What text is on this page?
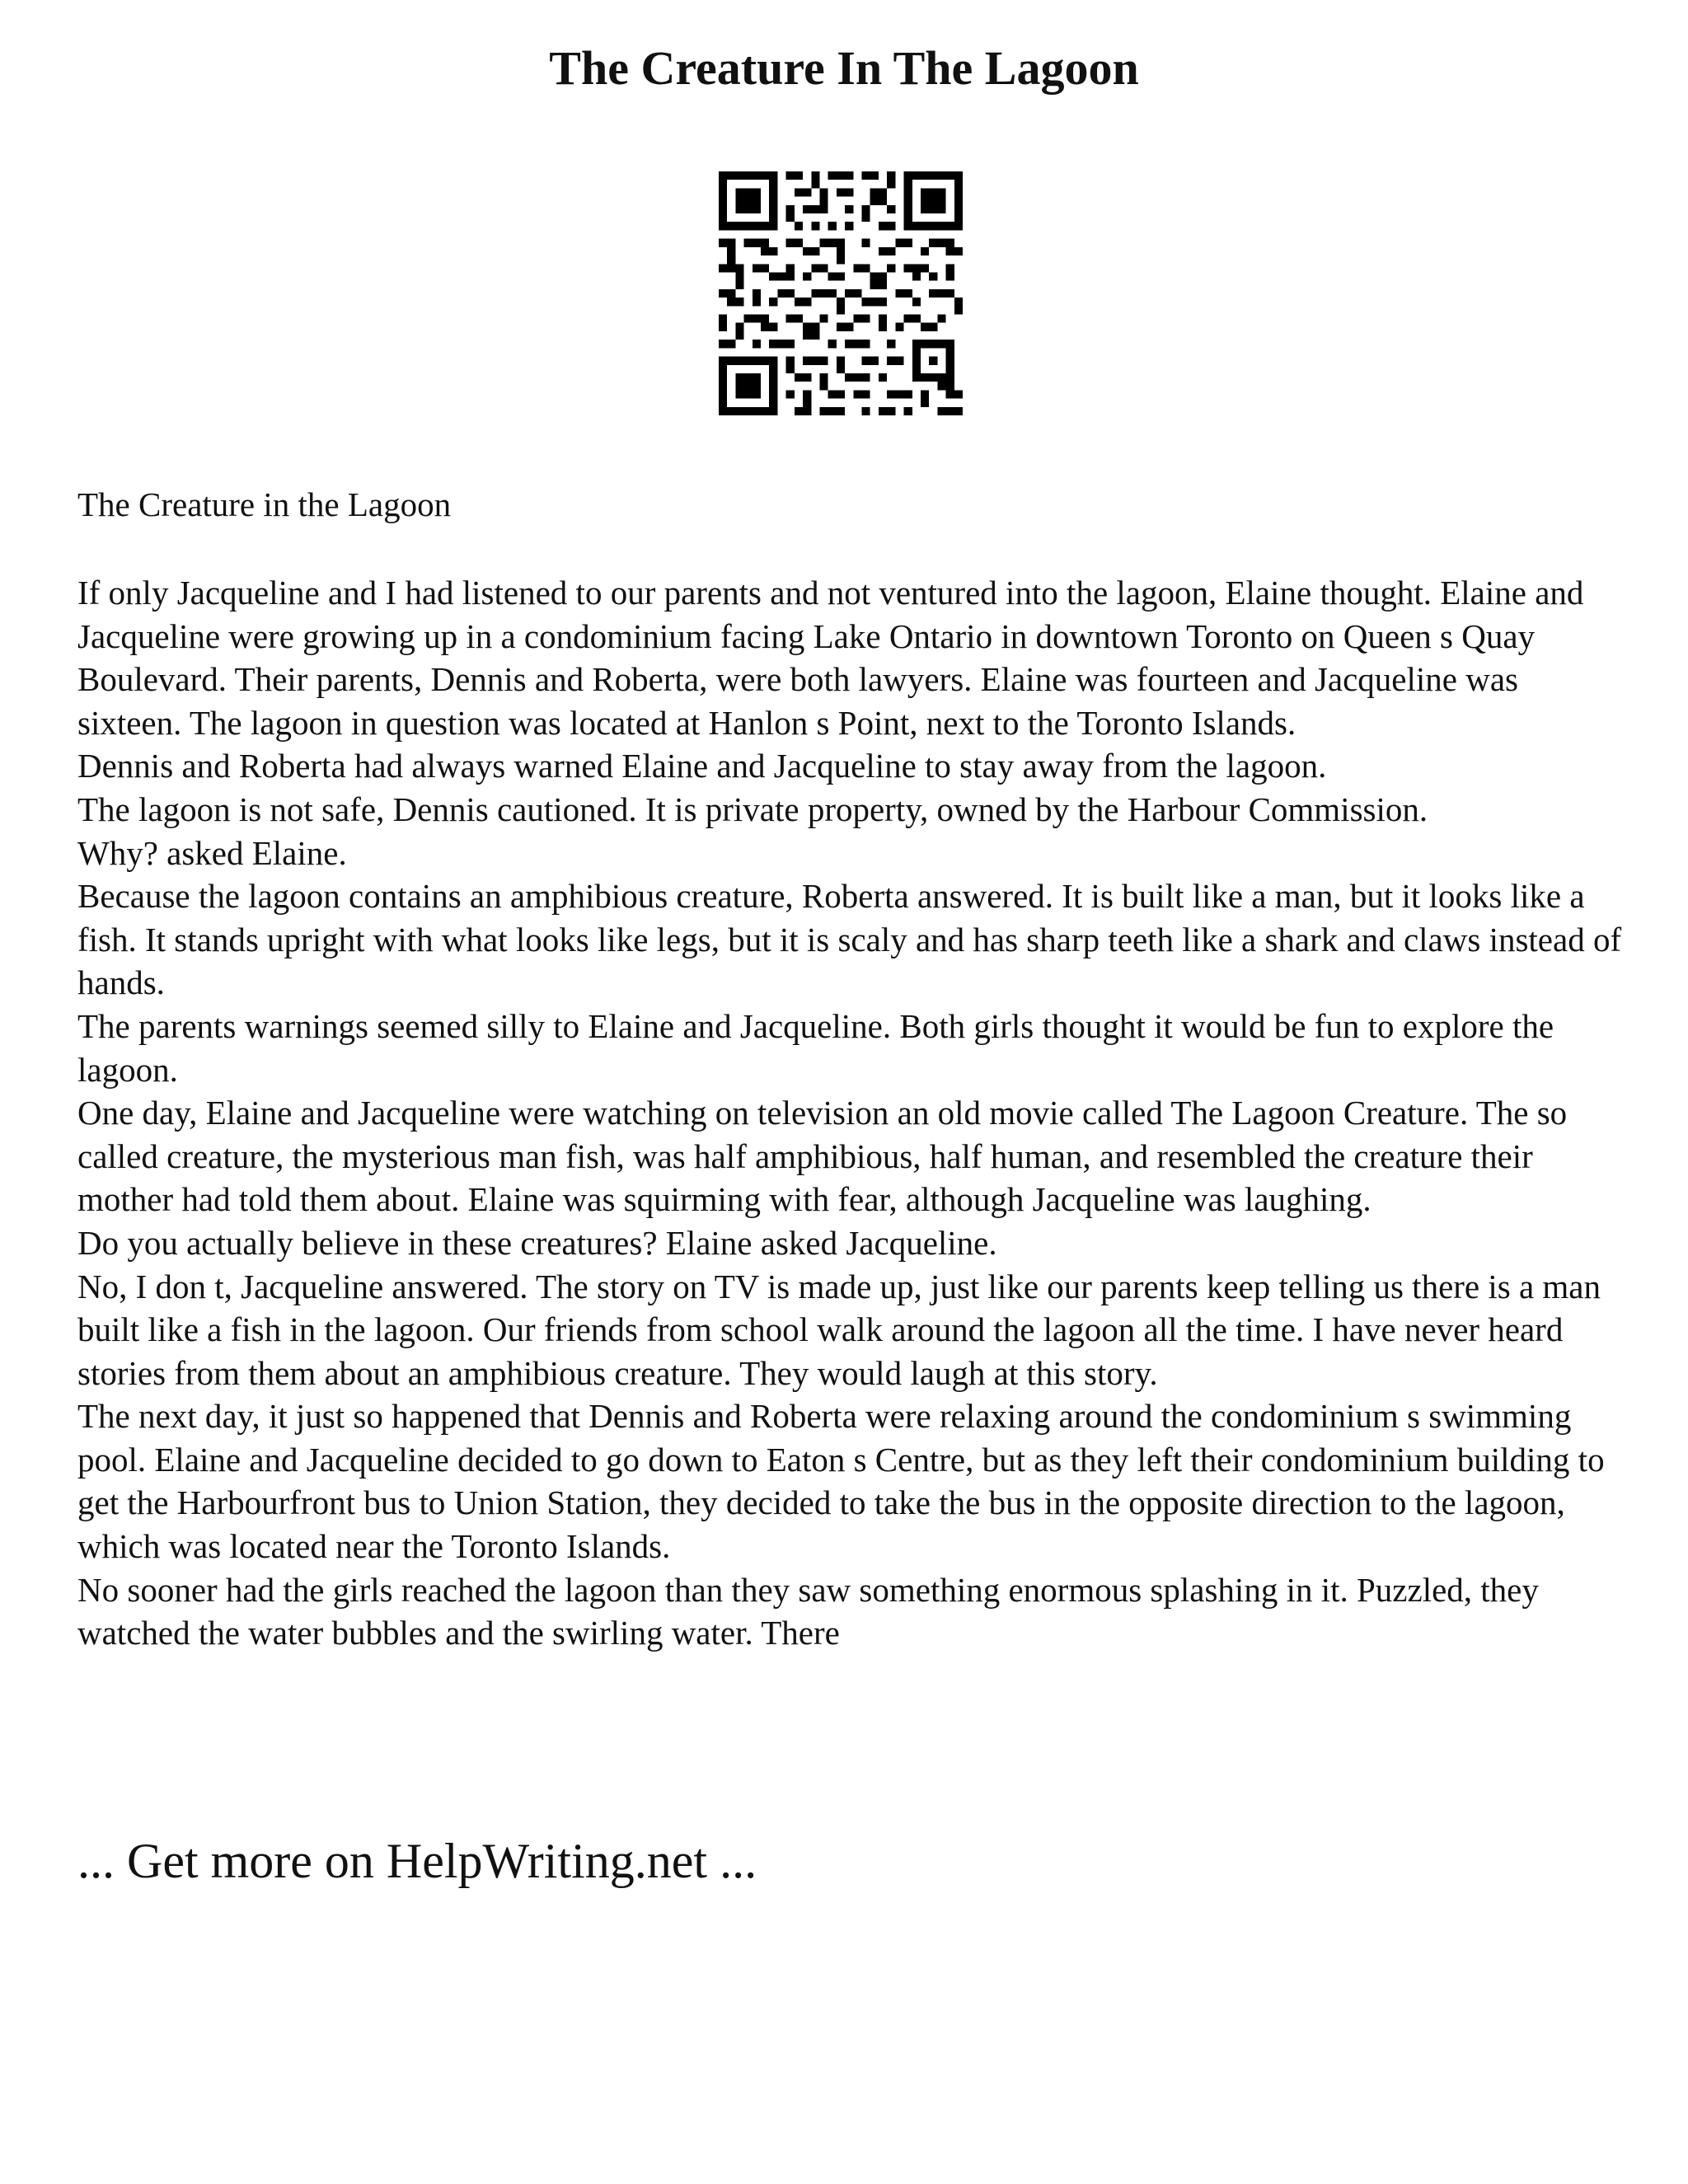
The Creature In The Lagoon

The Creature in the Lagoon

If only Jacqueline and I had listened to our parents and not ventured into the lagoon, Elaine thought. Elaine and Jacqueline were growing up in a condominium facing Lake Ontario in downtown Toronto on Queen s Quay Boulevard. Their parents, Dennis and Roberta, were both lawyers. Elaine was fourteen and Jacqueline was sixteen. The lagoon in question was located at Hanlon s Point, next to the Toronto Islands.

Dennis and Roberta had always warned Elaine and Jacqueline to stay away from the lagoon.

The lagoon is not safe, Dennis cautioned. It is private property, owned by the Harbour Commission.

Why? asked Elaine.

Because the lagoon contains an amphibious creature, Roberta answered. It is built like a man, but it looks like a fish. It stands upright with what looks like legs, but it is scaly and has sharp teeth like a shark and claws instead of hands.

The parents warnings seemed silly to Elaine and Jacqueline. Both girls thought it would be fun to explore the lagoon.

One day, Elaine and Jacqueline were watching on television an old movie called The Lagoon Creature. The so called creature, the mysterious man fish, was half amphibious, half human, and resembled the creature their mother had told them about. Elaine was squirming with fear, although Jacqueline was laughing.

Do you actually believe in these creatures? Elaine asked Jacqueline.

No, I don t, Jacqueline answered. The story on TV is made up, just like our parents keep telling us there is a man built like a fish in the lagoon. Our friends from school walk around the lagoon all the time. I have never heard stories from them about an amphibious creature. They would laugh at this story.

The next day, it just so happened that Dennis and Roberta were relaxing around the condominium s swimming pool. Elaine and Jacqueline decided to go down to Eaton s Centre, but as they left their condominium building to get the Harbourfront bus to Union Station, they decided to take the bus in the opposite direction to the lagoon, which was located near the Toronto Islands.

No sooner had the girls reached the lagoon than they saw something enormous splashing in it. Puzzled, they watched the water bubbles and the swirling water. There

... Get more on HelpWriting.net ...
